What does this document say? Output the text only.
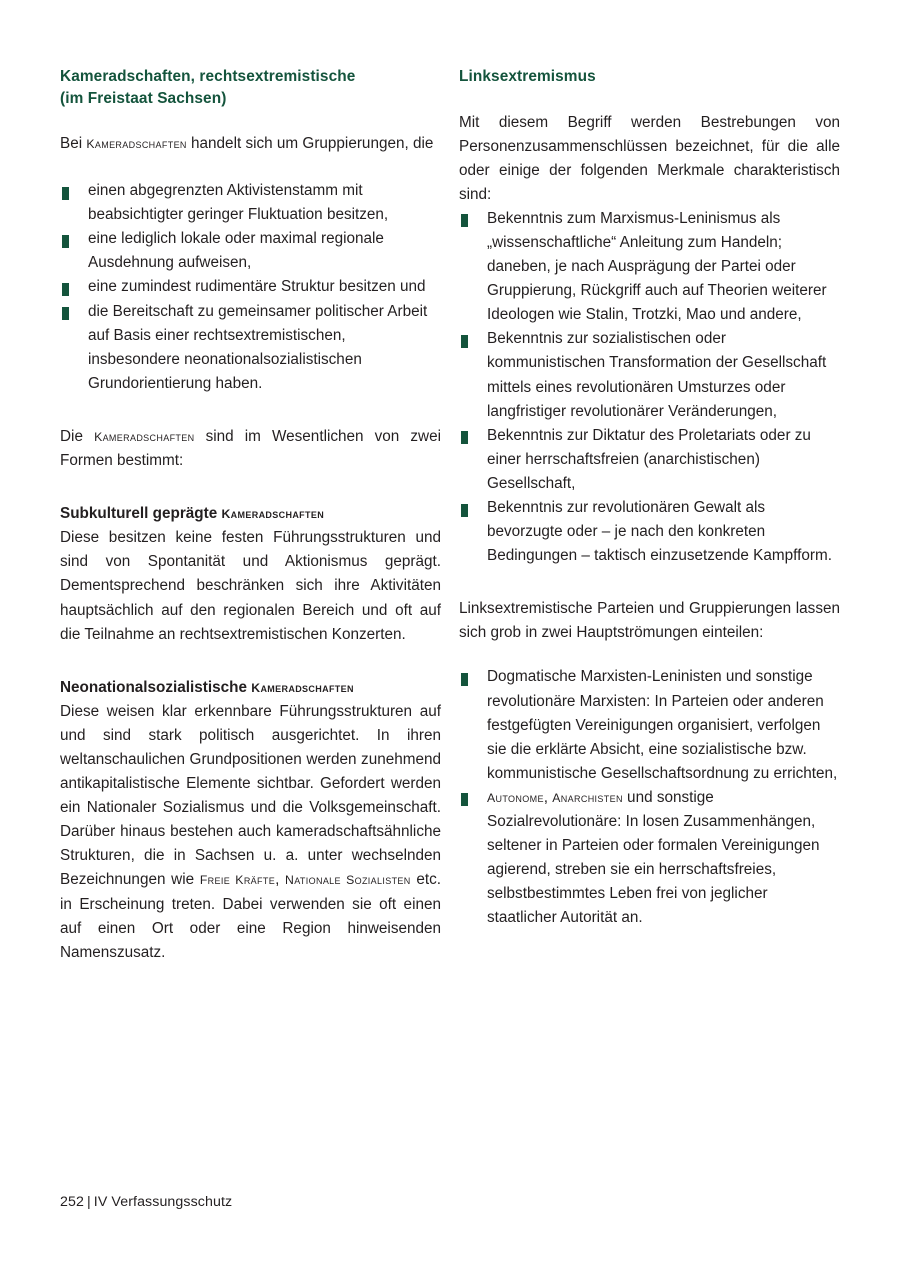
Kameradschaften, rechtsextremistische
(im Freistaat Sachsen)

Bei Kameradschaften handelt sich um Gruppierungen, die

einen abgegrenzten Aktivistenstamm mit beabsichtigter geringer Fluktuation besitzen,
eine lediglich lokale oder maximal regionale Ausdehnung aufweisen,
eine zumindest rudimentäre Struktur besitzen und
die Bereitschaft zu gemeinsamer politischer Arbeit auf Basis einer rechtsextremistischen, insbesondere neonationalsozialistischen Grundorientierung haben.

Die Kameradschaften sind im Wesentlichen von zwei Formen bestimmt:

Subkulturell geprägte Kameradschaften

Diese besitzen keine festen Führungsstrukturen und sind von Spontanität und Aktionismus geprägt. Dementsprechend beschränken sich ihre Aktivitäten hauptsächlich auf den regionalen Bereich und oft auf die Teilnahme an rechtsextremistischen Konzerten.

Neonationalsozialistische Kameradschaften

Diese weisen klar erkennbare Führungsstrukturen auf und sind stark politisch ausgerichtet. In ihren weltanschaulichen Grundpositionen werden zunehmend antikapitalistische Elemente sichtbar. Gefordert werden ein Nationaler Sozialismus und die Volksgemeinschaft. Darüber hinaus bestehen auch kameradschaftsähnliche Strukturen, die in Sachsen u. a. unter wechselnden Bezeichnungen wie Freie Kräfte, Nationale Sozialisten etc. in Erscheinung treten. Dabei verwenden sie oft einen auf einen Ort oder eine Region hinweisenden Namenszusatz.

Linksextremismus

Mit diesem Begriff werden Bestrebungen von Personenzusammenschlüssen bezeichnet, für die alle oder einige der folgenden Merkmale charakteristisch sind:

Bekenntnis zum Marxismus-Leninismus als „wissenschaftliche“ Anleitung zum Handeln; daneben, je nach Ausprägung der Partei oder Gruppierung, Rückgriff auch auf Theorien weiterer Ideologen wie Stalin, Trotzki, Mao und andere,
Bekenntnis zur sozialistischen oder kommunistischen Transformation der Gesellschaft mittels eines revolutionären Umsturzes oder langfristiger revolutionärer Veränderungen,
Bekenntnis zur Diktatur des Proletariats oder zu einer herrschaftsfreien (anarchistischen) Gesellschaft,
Bekenntnis zur revolutionären Gewalt als bevorzugte oder – je nach den konkreten Bedingungen – taktisch einzusetzende Kampfform.

Linksextremistische Parteien und Gruppierungen lassen sich grob in zwei Hauptströmungen einteilen:

Dogmatische Marxisten-Leninisten und sonstige revolutionäre Marxisten: In Parteien oder anderen festgefügten Vereinigungen organisiert, verfolgen sie die erklärte Absicht, eine sozialistische bzw. kommunistische Gesellschaftsordnung zu errichten,
Autonome, Anarchisten und sonstige Sozialrevolutionäre: In losen Zusammenhängen, seltener in Parteien oder formalen Vereinigungen agierend, streben sie ein herrschaftsfreies, selbstbestimmtes Leben frei von jeglicher staatlicher Autorität an.
252 | IV Verfassungsschutz
